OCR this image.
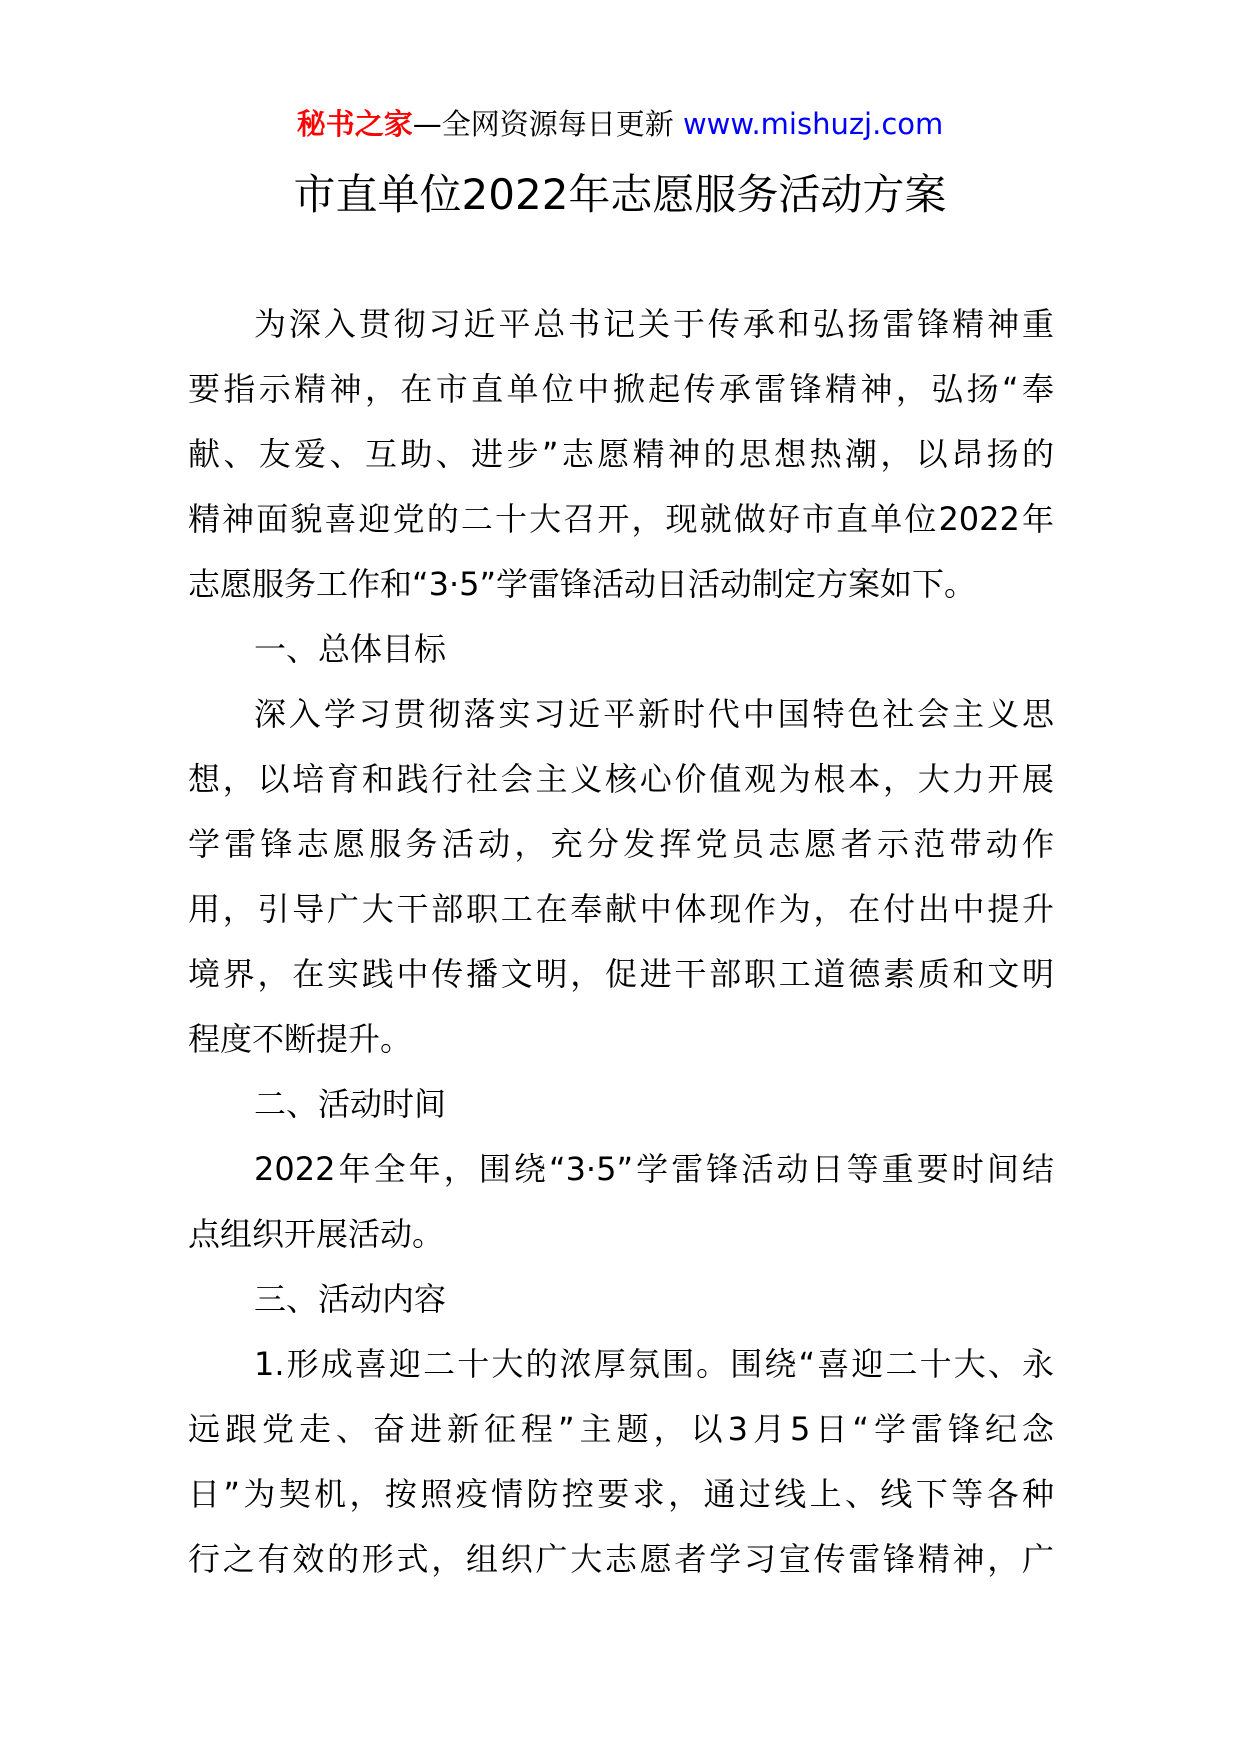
秘书之家—全网资源每日更新 www.mishuzj.com
市直单位2022年志愿服务活动方案
为深入贯彻习近平总书记关于传承和弘扬雷锋精神重
要指示精神，在市直单位中掀起传承雷锋精神，弘扬“奉
献、友爱、互助、进步”志愿精神的思想热潮，以昂扬的
精神面貌喜迎党的二十大召开，现就做好市直单位2022年
志愿服务工作和“3·5”学雷锋活动日活动制定方案如下。
一、总体目标
深入学习贯彻落实习近平新时代中国特色社会主义思
想，以培育和践行社会主义核心价值观为根本，大力开展
学雷锋志愿服务活动，充分发挥党员志愿者示范带动作
用，引导广大干部职工在奉献中体现作为，在付出中提升
境界，在实践中传播文明，促进干部职工道德素质和文明
程度不断提升。
二、活动时间
2022年全年，围绕“3·5”学雷锋活动日等重要时间结
点组织开展活动。
三、活动内容
1.形成喜迎二十大的浓厚氛围。围绕“喜迎二十大、永
远跟党走、奋进新征程”主题，以3月5日“学雷锋纪念
日”为契机，按照疫情防控要求，通过线上、线下等各种
行之有效的形式，组织广大志愿者学习宣传雷锋精神，广
